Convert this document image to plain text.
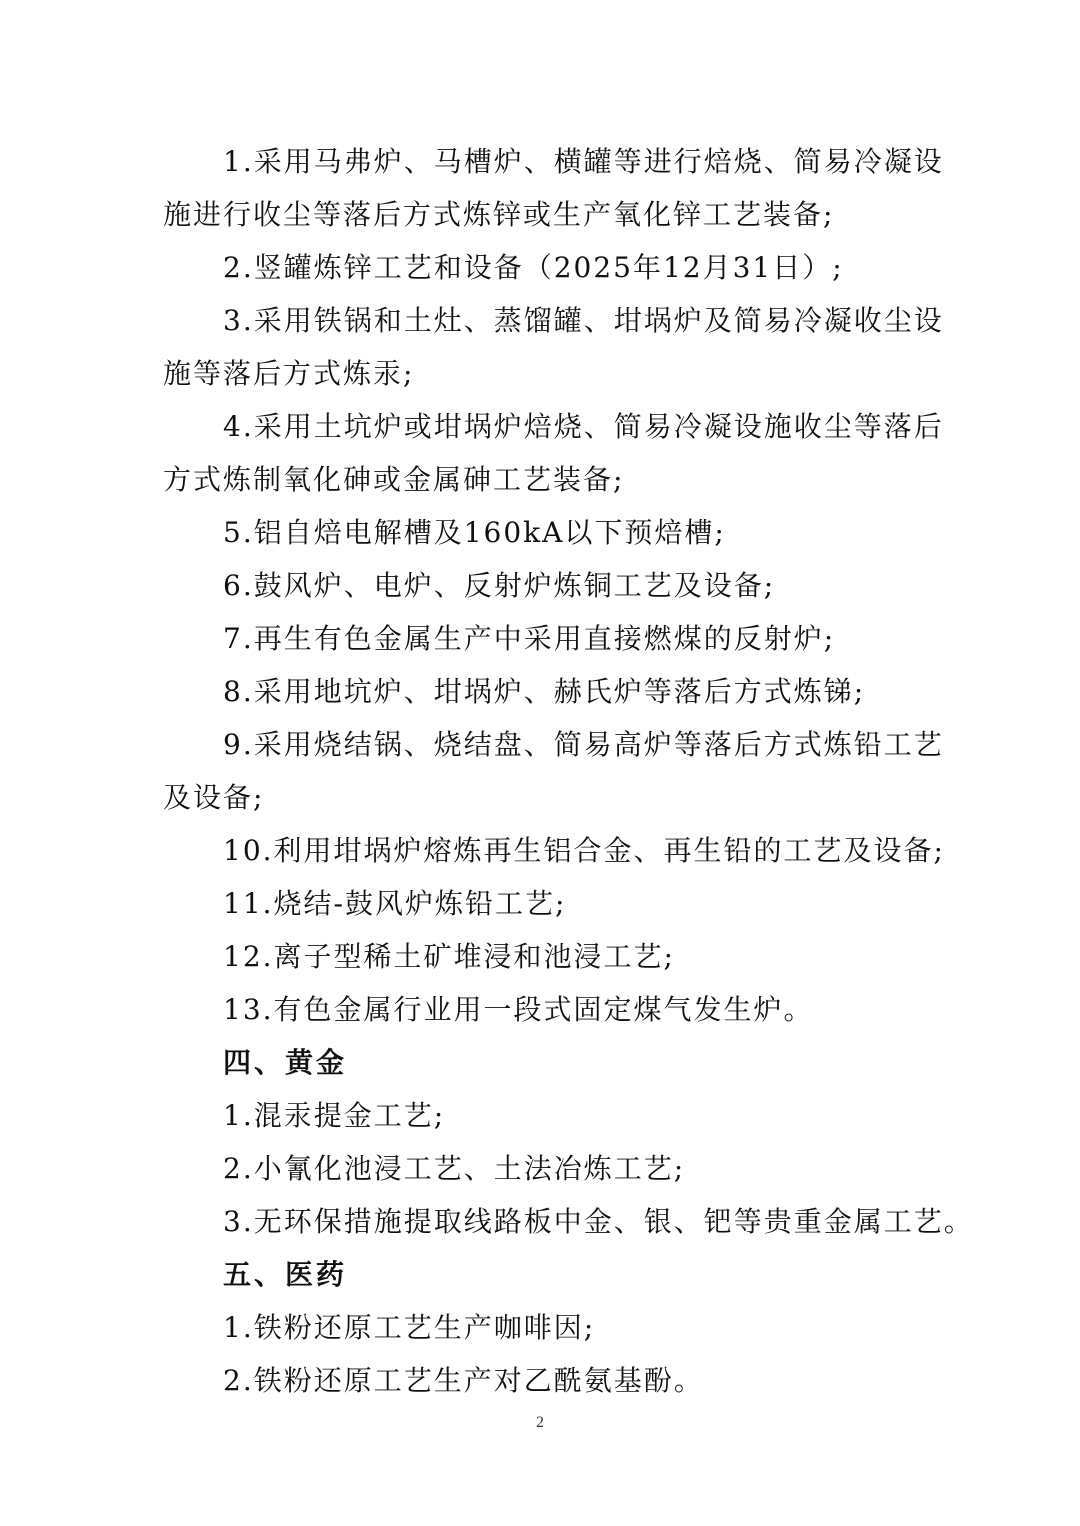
1.采用马弗炉、马槽炉、横罐等进行焙烧、简易冷凝设
施进行收尘等落后方式炼锌或生产氧化锌工艺装备;
2.竖罐炼锌工艺和设备（2025年12月31日）;
3.采用铁锅和土灶、蒸馏罐、坩埚炉及简易冷凝收尘设
施等落后方式炼汞;
4.采用土坑炉或坩埚炉焙烧、简易冷凝设施收尘等落后
方式炼制氧化砷或金属砷工艺装备;
5.铝自焙电解槽及160kA以下预焙槽;
6.鼓风炉、电炉、反射炉炼铜工艺及设备;
7.再生有色金属生产中采用直接燃煤的反射炉;
8.采用地坑炉、坩埚炉、赫氏炉等落后方式炼锑;
9.采用烧结锅、烧结盘、简易高炉等落后方式炼铅工艺
及设备;
10.利用坩埚炉熔炼再生铝合金、再生铅的工艺及设备;
11.烧结-鼓风炉炼铅工艺;
12.离子型稀土矿堆浸和池浸工艺;
13.有色金属行业用一段式固定煤气发生炉。
四、黄金
1.混汞提金工艺;
2.小氰化池浸工艺、土法冶炼工艺;
3.无环保措施提取线路板中金、银、钯等贵重金属工艺。
五、医药
1.铁粉还原工艺生产咖啡因;
2.铁粉还原工艺生产对乙酰氨基酚。
2
